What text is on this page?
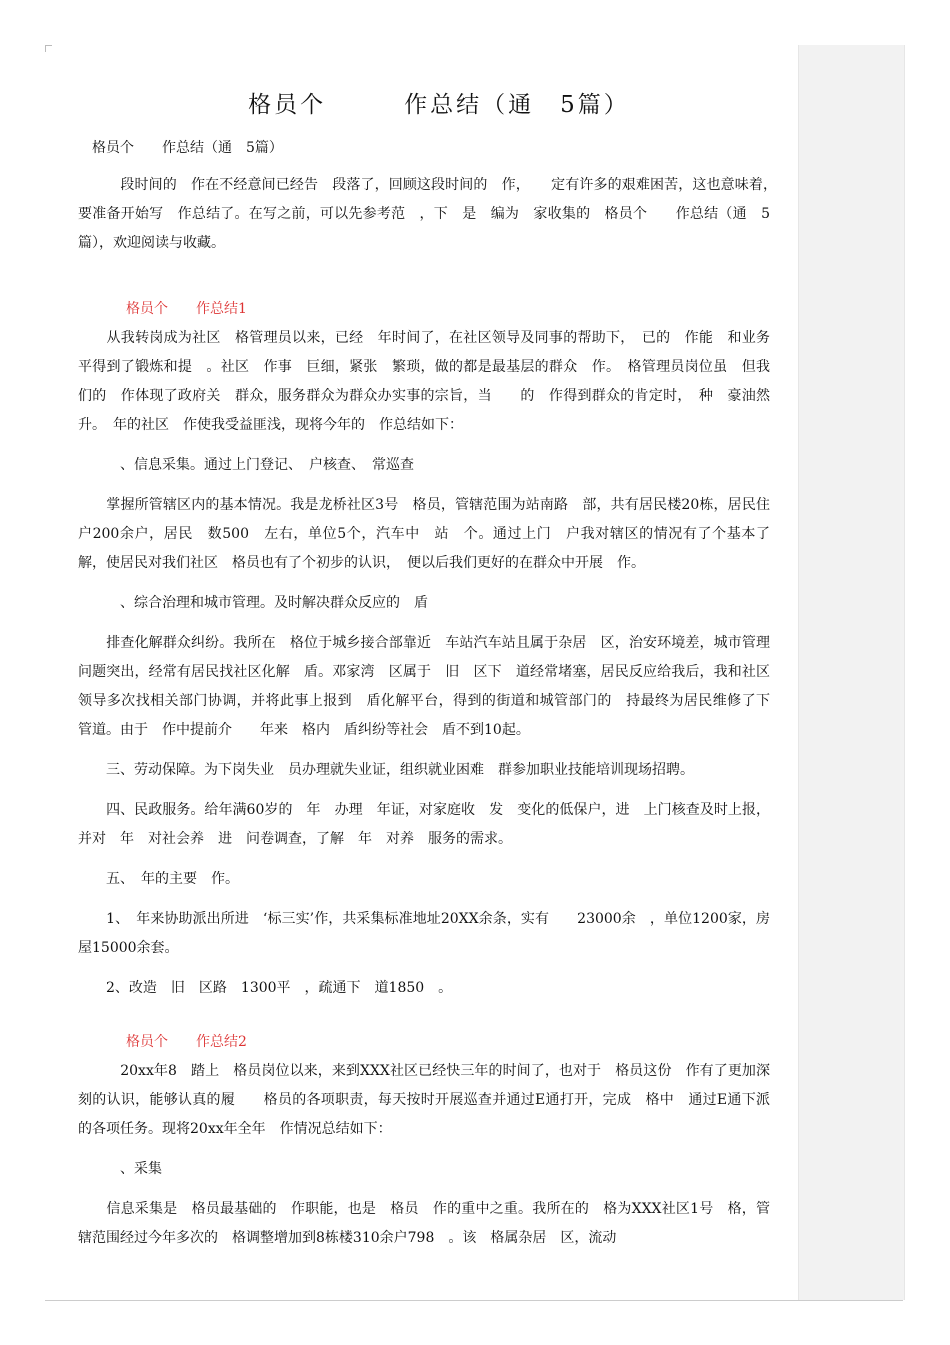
格员个　　　作总结（通　5篇）

格员个　　作总结（通　5篇）

　　　段时间的　作在不经意间已经告　段落了，回顾这段时间的　作，　　定有许多的艰难困苦，这也意味着，　要准备开始写　作总结了。在写之前，可以先参考范　，下　是　编为　家收集的　格员个　　作总结（通　5篇），欢迎阅读与收藏。

格员个　　作总结1

　　从我转岗成为社区　格管理员以来，已经　年时间了，在社区领导及同事的帮助下，　已的　作能　和业务　平得到了锻炼和提　。社区　作事　巨细，紧张　繁琐，做的都是最基层的群众　作。　格管理员岗位虽　但我们的　作体现了政府关　群众，服务群众为群众办实事的宗旨，当　　的　作得到群众的肯定时，　种　豪油然　升。　年的社区　作使我受益匪浅，现将今年的　作总结如下：

　　　、信息采集。通过上门登记、　户核查、　常巡查

　　掌握所管辖区内的基本情况。我是龙桥社区3号　格员，管辖范围为站南路　部，共有居民楼20栋，居民住户200余户，居民　数500　左右，单位5个，汽车中　站　个。通过上门　户我对辖区的情况有了个基本了解，使居民对我们社区　格员也有了个初步的认识，　便以后我们更好的在群众中开展　作。

　　　、综合治理和城市管理。及时解决群众反应的　盾

　　排查化解群众纠纷。我所在　格位于城乡接合部靠近　车站汽车站且属于杂居　区，治安环境差，城市管理问题突出，经常有居民找社区化解　盾。邓家湾　区属于　旧　区下　道经常堵塞，居民反应给我后，我和社区领导多次找相关部门协调，并将此事上报到　盾化解平台，得到的街道和城管部门的　持最终为居民维修了下　管道。由于　作中提前介　　年来　格内　盾纠纷等社会　盾不到10起。

　　三、劳动保障。为下岗失业　员办理就失业证，组织就业困难　群参加职业技能培训现场招聘。

　　四、民政服务。给年满60岁的　年　办理　年证，对家庭收　发　变化的低保户，进　上门核查及时上报，并对　年　对社会养　进　问卷调查，了解　年　对养　服务的需求。

　　五、　年的主要　作。

　　1、　年来协助派出所进　‘标三实’作，共采集标准地址20XX余条，实有　　23000余　，单位1200家，房屋15000余套。

　　2、改造　旧　区路　1300平　，疏通下　道1850　。

格员个　　作总结2

　　　20xx年8　踏上　格员岗位以来，来到XXX社区已经快三年的时间了，也对于　格员这份　作有了更加深刻的认识，能够认真的履　　格员的各项职责，每天按时开展巡查并通过E通打开，完成　格中　通过E通下派的各项任务。现将20xx年全年　作情况总结如下：

　　　、采集

　　信息采集是　格员最基础的　作职能，也是　格员　作的重中之重。我所在的　格为XXX社区1号　格，管辖范围经过今年多次的　格调整增加到8栋楼310余户798　。该　格属杂居　区，流动
